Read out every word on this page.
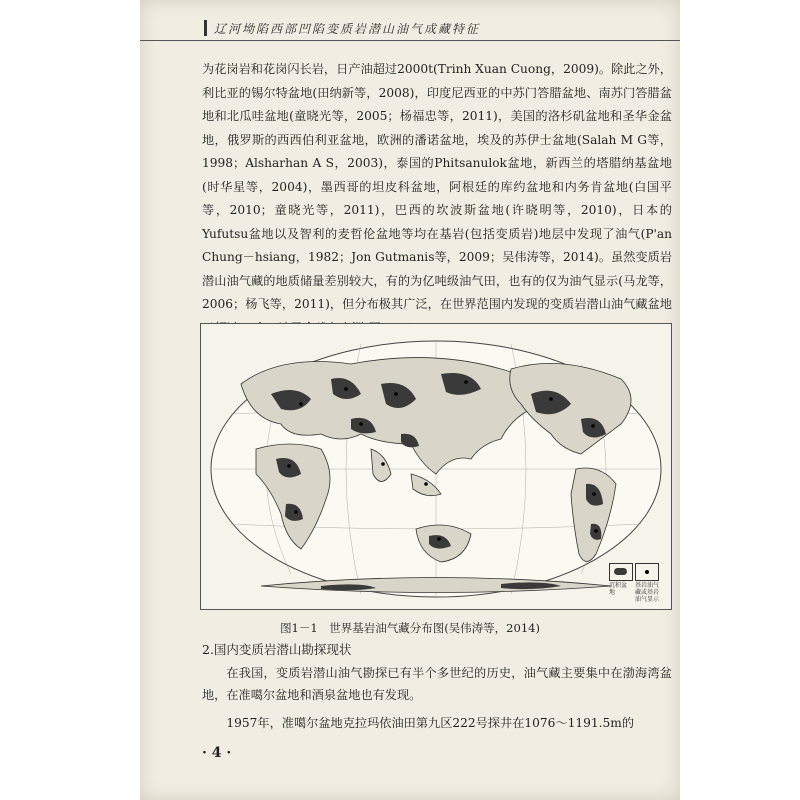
辽河坳陷西部凹陷变质岩潜山油气成藏特征

为花岗岩和花岗闪长岩，日产油超过2000t(Trinh Xuan Cuong，2009)。除此之外，利比亚的锡尔特盆地(田纳新等，2008)，印度尼西亚的中苏门答腊盆地、南苏门答腊盆地和北瓜哇盆地(童晓光等，2005；杨福忠等，2011)，美国的洛杉矶盆地和圣华金盆地，俄罗斯的西西伯利亚盆地，欧洲的潘诺盆地，埃及的苏伊士盆地(Salah M G等，1998；Alsharhan A S，2003)，泰国的Phitsanulok盆地，新西兰的塔腊纳基盆地(时华星等，2004)，墨西哥的坦皮科盆地，阿根廷的库约盆地和内务肯盆地(白国平等，2010；童晓光等，2011)，巴西的坎波斯盆地(许晓明等，2010)，日本的Yufutsu盆地以及智利的麦哲伦盆地等均在基岩(包括变质岩)地层中发现了油气(P'an Chung－hsiang，1982；Jon Gutmanis等，2009；吴伟涛等，2014)。虽然变质岩潜山油气藏的地质储量差别较大，有的为亿吨级油气田，也有的仅为油气显示(马龙等，2006；杨飞等，2011)，但分布极其广泛，在世界范围内发现的变质岩潜山油气藏盆地

沉积盆地
基岩油气藏或基岩油气显示
图1－1　世界基岩油气藏分布图(吴伟涛等，2014)
2.国内变质岩潜山勘探现状

在我国，变质岩潜山油气勘探已有半个多世纪的历史，油气藏主要集中在渤海湾盆地，在准噶尔盆地和酒泉盆地也有发现。

1957年，准噶尔盆地克拉玛依油田第九区222号探井在1076～1191.5m的

· 4 ·
